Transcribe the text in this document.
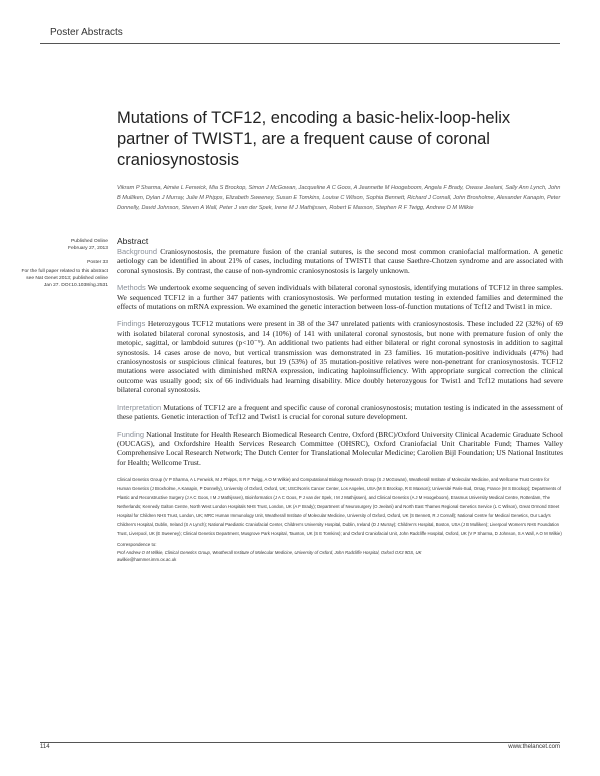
Poster Abstracts
Mutations of TCF12, encoding a basic-helix-loop-helix partner of TWIST1, are a frequent cause of coronal craniosynostosis
Vikram P Sharma, Aimée L Fenwick, Mia S Brockop, Simon J McGowan, Jacqueline A C Goos, A Jeannette M Hoogeboom, Angela F Brady, Owase Jeelani, Sally Ann Lynch, John B Mulliken, Dylan J Murray, Julie M Phipps, Elizabeth Sweeney, Susan E Tomkins, Louise C Wilson, Sophia Bennett, Richard J Cornall, John Broxholme, Alexander Kanapin, Peter Donnelly, David Johnson, Steven A Wall, Peter J van der Spek, Irene M J Mathijssen, Robert E Maxson, Stephen R F Twigg, Andrew O M Wilkie
Published Online
February 27, 2013
Poster 33
For the full paper related to this abstract see Nat Genet 2013; published online Jan 27. DOI:10.1038/ng.2531
Abstract

Background Craniosynostosis, the premature fusion of the cranial sutures, is the second most common craniofacial malformation. A genetic aetiology can be identified in about 21% of cases, including mutations of TWIST1 that cause Saethre-Chotzen syndrome and are associated with coronal synostosis. By contrast, the cause of non-syndromic craniosynostosis is largely unknown.

Methods We undertook exome sequencing of seven individuals with bilateral coronal synostosis, identifying mutations of TCF12 in three samples. We sequenced TCF12 in a further 347 patients with craniosynostosis. We performed mutation testing in extended families and determined the effects of mutations on mRNA expression. We examined the genetic interaction between loss-of-function mutations of Tcf12 and Twist1 in mice.

Findings Heterozygous TCF12 mutations were present in 38 of the 347 unrelated patients with craniosynostosis. These included 22 (32%) of 69 with isolated bilateral coronal synostosis, and 14 (10%) of 141 with unilateral coronal synostosis, but none with premature fusion of only the metopic, sagittal, or lambdoid sutures (p<10⁻⁹). An additional two patients had either bilateral or right coronal synostosis in addition to sagittal synostosis. 14 cases arose de novo, but vertical transmission was demonstrated in 23 families. 16 mutation-positive individuals (47%) had craniosynostosis or suspicious clinical features, but 19 (53%) of 35 mutation-positive relatives were non-penetrant for craniosynostosis. TCF12 mutations were associated with diminished mRNA expression, indicating haploinsufficiency. With appropriate surgical correction the clinical outcome was usually good; six of 66 individuals had learning disability. Mice doubly heterozygous for Twist1 and Tcf12 mutations had severe bilateral coronal synostosis.

Interpretation Mutations of TCF12 are a frequent and specific cause of coronal craniosynostosis; mutation testing is indicated in the assessment of these patients. Genetic interaction of Tcf12 and Twist1 is crucial for coronal suture development.

Funding National Institute for Health Research Biomedical Research Centre, Oxford (BRC)/Oxford University Clinical Academic Graduate School (OUCAGS), and Oxfordshire Health Services Research Committee (OHSRC), Oxford Craniofacial Unit Charitable Fund; Thames Valley Comprehensive Local Research Network; The Dutch Center for Translational Molecular Medicine; Carolien Bijl Foundation; US National Institutes for Health; Wellcome Trust.

Clinical Genetics Group (V P Sharma, A L Fenwick, M J Phipps, S R F Twigg, A O M Wilkie) and Computational Biology Research Group (S J McGowan), Weatherall Institute of Molecular Medicine, and Wellcome Trust Centre for Human Genetics (J Broxholme, A Kanapin, P Donnelly), University of Oxford, Oxford, UK; USC/Norris Cancer Center, Los Angeles, USA (M S Brockop, R E Maxson); Université Paris-Sud, Orsay, France (M S Brockop); Departments of Plastic and Reconstructive Surgery (J A C Goos, I M J Mathijssen), Bioinformatics (J A C Goos, P J van der Spek, I M J Mathijssen), and Clinical Genetics (A J M Hoogeboom), Erasmus University Medical Centre, Rotterdam, The Netherlands; Kennedy Galton Centre, North West London Hospitals NHS Trust, London, UK (A F Brady); Department of Neurosurgery (O Jeelani) and North East Thames Regional Genetics Service (L C Wilson), Great Ormond Street Hospital for Children NHS Trust, London, UK; MRC Human Immunology Unit, Weatherall Institute of Molecular Medicine, University of Oxford, Oxford, UK (S Bennett, R J Cornall); National Centre for Medical Genetics, Our Lady's Children's Hospital, Dublin, Ireland (S A Lynch); National Paediatric Craniofacial Center, Children's University Hospital, Dublin, Ireland (D J Murray); Children's Hospital, Boston, USA (J B Mulliken); Liverpool Women's NHS Foundation Trust, Liverpool, UK (E Sweeney); Clinical Genetics Department, Musgrove Park Hospital, Taunton, UK (S E Tomkins); and Oxford Craniofacial Unit, John Radcliffe Hospital, Oxford, UK (V P Sharma, D Johnson, S A Wall, A O M Wilkie)

Correspondence to:
Prof Andrew O M Wilkie, Clinical Genetics Group, Weatherall Institute of Molecular Medicine, University of Oxford, John Radcliffe Hospital, Oxford OX3 9DS, UK
awilkie@hammer.imm.ox.ac.uk
114	www.thelancet.com
